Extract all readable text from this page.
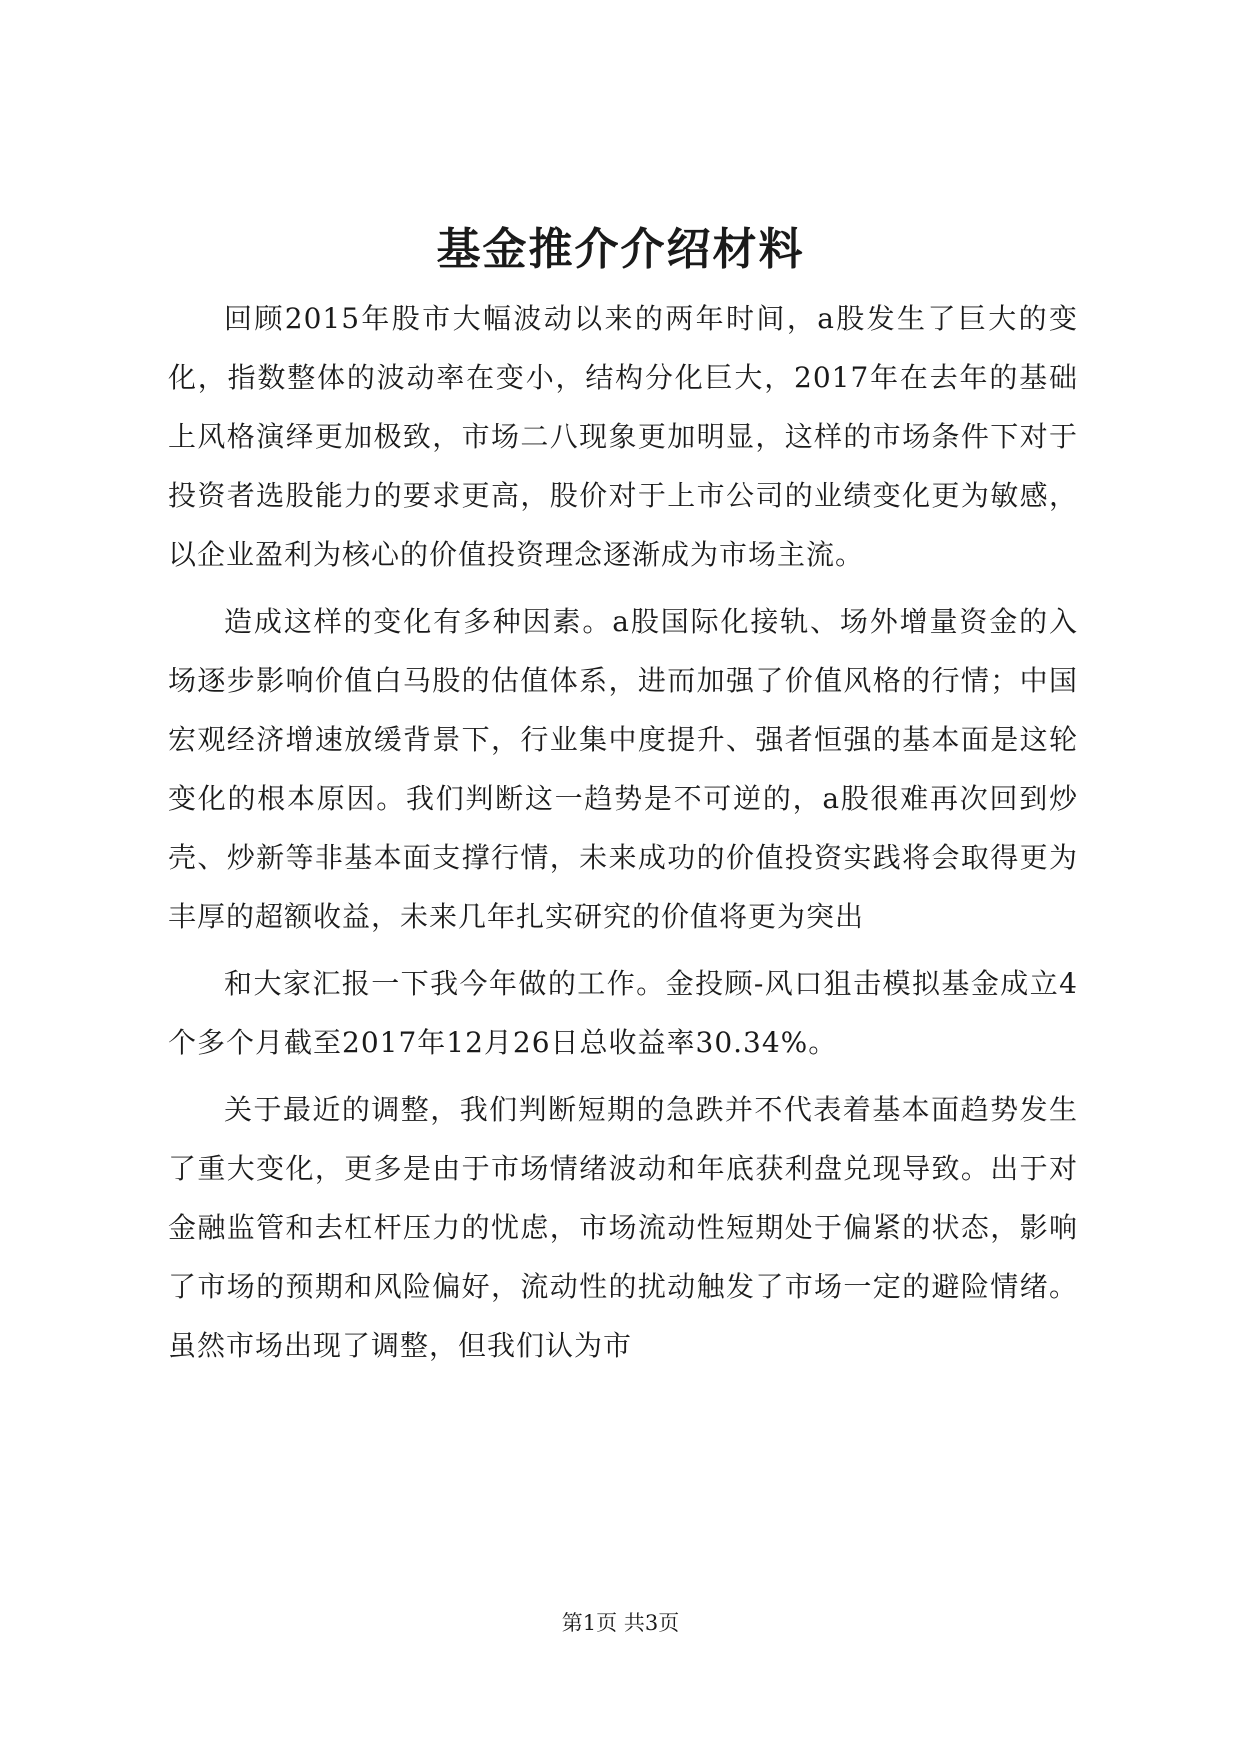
基金推介介绍材料

回顾2015年股市大幅波动以来的两年时间，a股发生了巨大的变化，指数整体的波动率在变小，结构分化巨大，2017年在去年的基础上风格演绎更加极致，市场二八现象更加明显，这样的市场条件下对于投资者选股能力的要求更高，股价对于上市公司的业绩变化更为敏感，以企业盈利为核心的价值投资理念逐渐成为市场主流。

造成这样的变化有多种因素。a股国际化接轨、场外增量资金的入场逐步影响价值白马股的估值体系，进而加强了价值风格的行情；中国宏观经济增速放缓背景下，行业集中度提升、强者恒强的基本面是这轮变化的根本原因。我们判断这一趋势是不可逆的，a股很难再次回到炒壳、炒新等非基本面支撑行情，未来成功的价值投资实践将会取得更为丰厚的超额收益，未来几年扎实研究的价值将更为突出

和大家汇报一下我今年做的工作。金投顾-风口狙击模拟基金成立4个多个月截至2017年12月26日总收益率30.34%。

关于最近的调整，我们判断短期的急跌并不代表着基本面趋势发生了重大变化，更多是由于市场情绪波动和年底获利盘兑现导致。出于对金融监管和去杠杆压力的忧虑，市场流动性短期处于偏紧的状态，影响了市场的预期和风险偏好，流动性的扰动触发了市场一定的避险情绪。虽然市场出现了调整，但我们认为市

第1页 共3页
